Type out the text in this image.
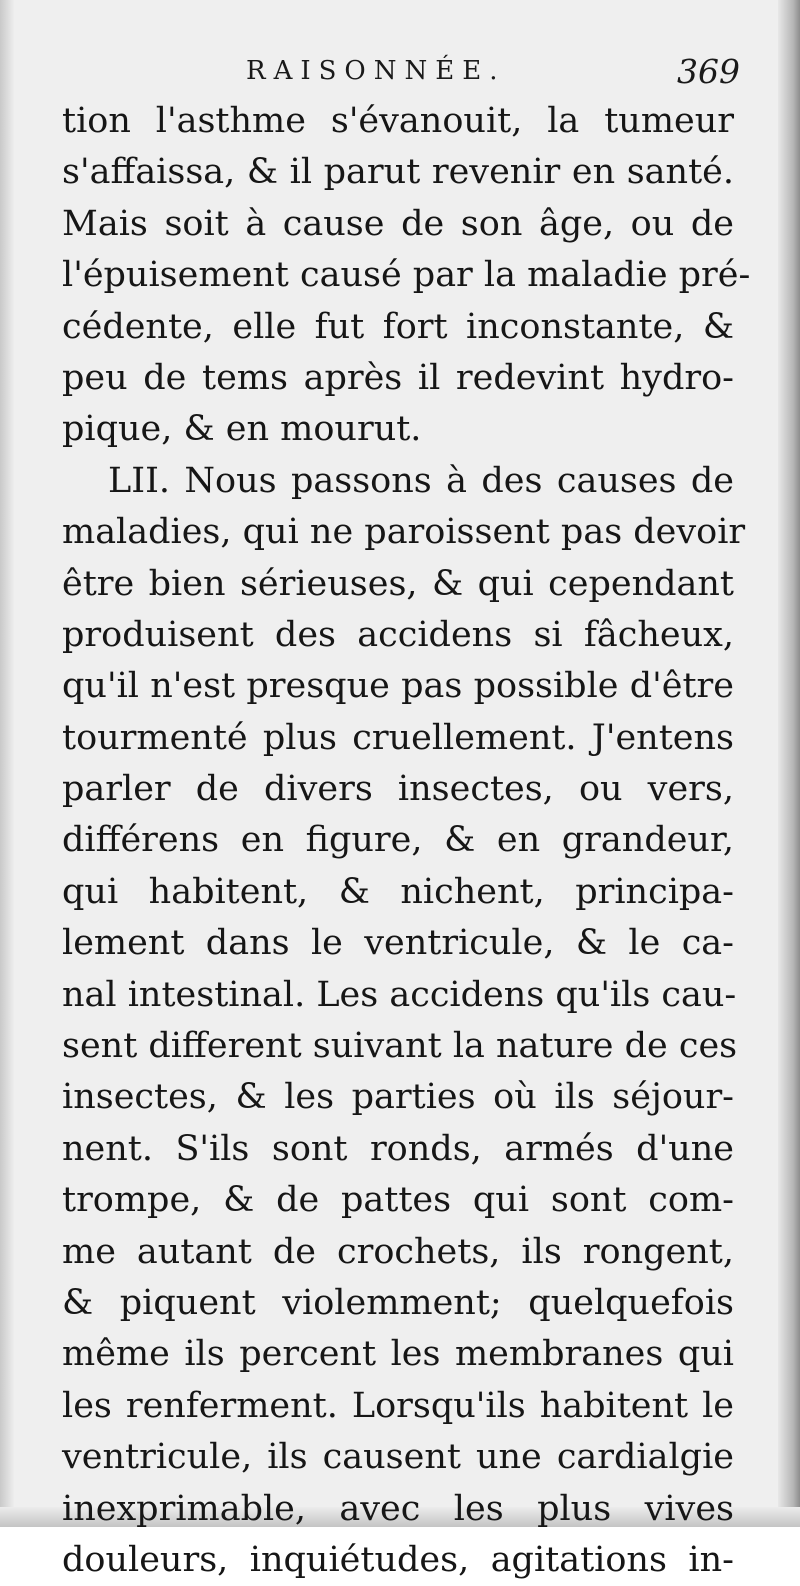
RAISONNÉE.	369
tion l'asthme s'évanouit, la tumeur
s'affaissa, & il parut revenir en santé.
Mais soit à cause de son âge, ou de
l'épuisement causé par la maladie pré-
cédente, elle fut fort inconstante, &
peu de tems après il redevint hydro-
pique, & en mourut.
LII. Nous passons à des causes de
maladies, qui ne paroissent pas devoir
être bien sérieuses, & qui cependant
produisent des accidens si fâcheux,
qu'il n'est presque pas possible d'être
tourmenté plus cruellement. J'entens
parler de divers insectes, ou vers,
différens en figure, & en grandeur,
qui habitent, & nichent, principa-
lement dans le ventricule, & le ca-
nal intestinal. Les accidens qu'ils cau-
sent different suivant la nature de ces
insectes, & les parties où ils séjour-
nent. S'ils sont ronds, armés d'une
trompe, & de pattes qui sont com-
me autant de crochets, ils rongent,
& piquent violemment; quelquefois
même ils percent les membranes qui
les renferment. Lorsqu'ils habitent le
ventricule, ils causent une cardialgie
inexprimable, avec les plus vives
douleurs, inquiétudes, agitations in-
